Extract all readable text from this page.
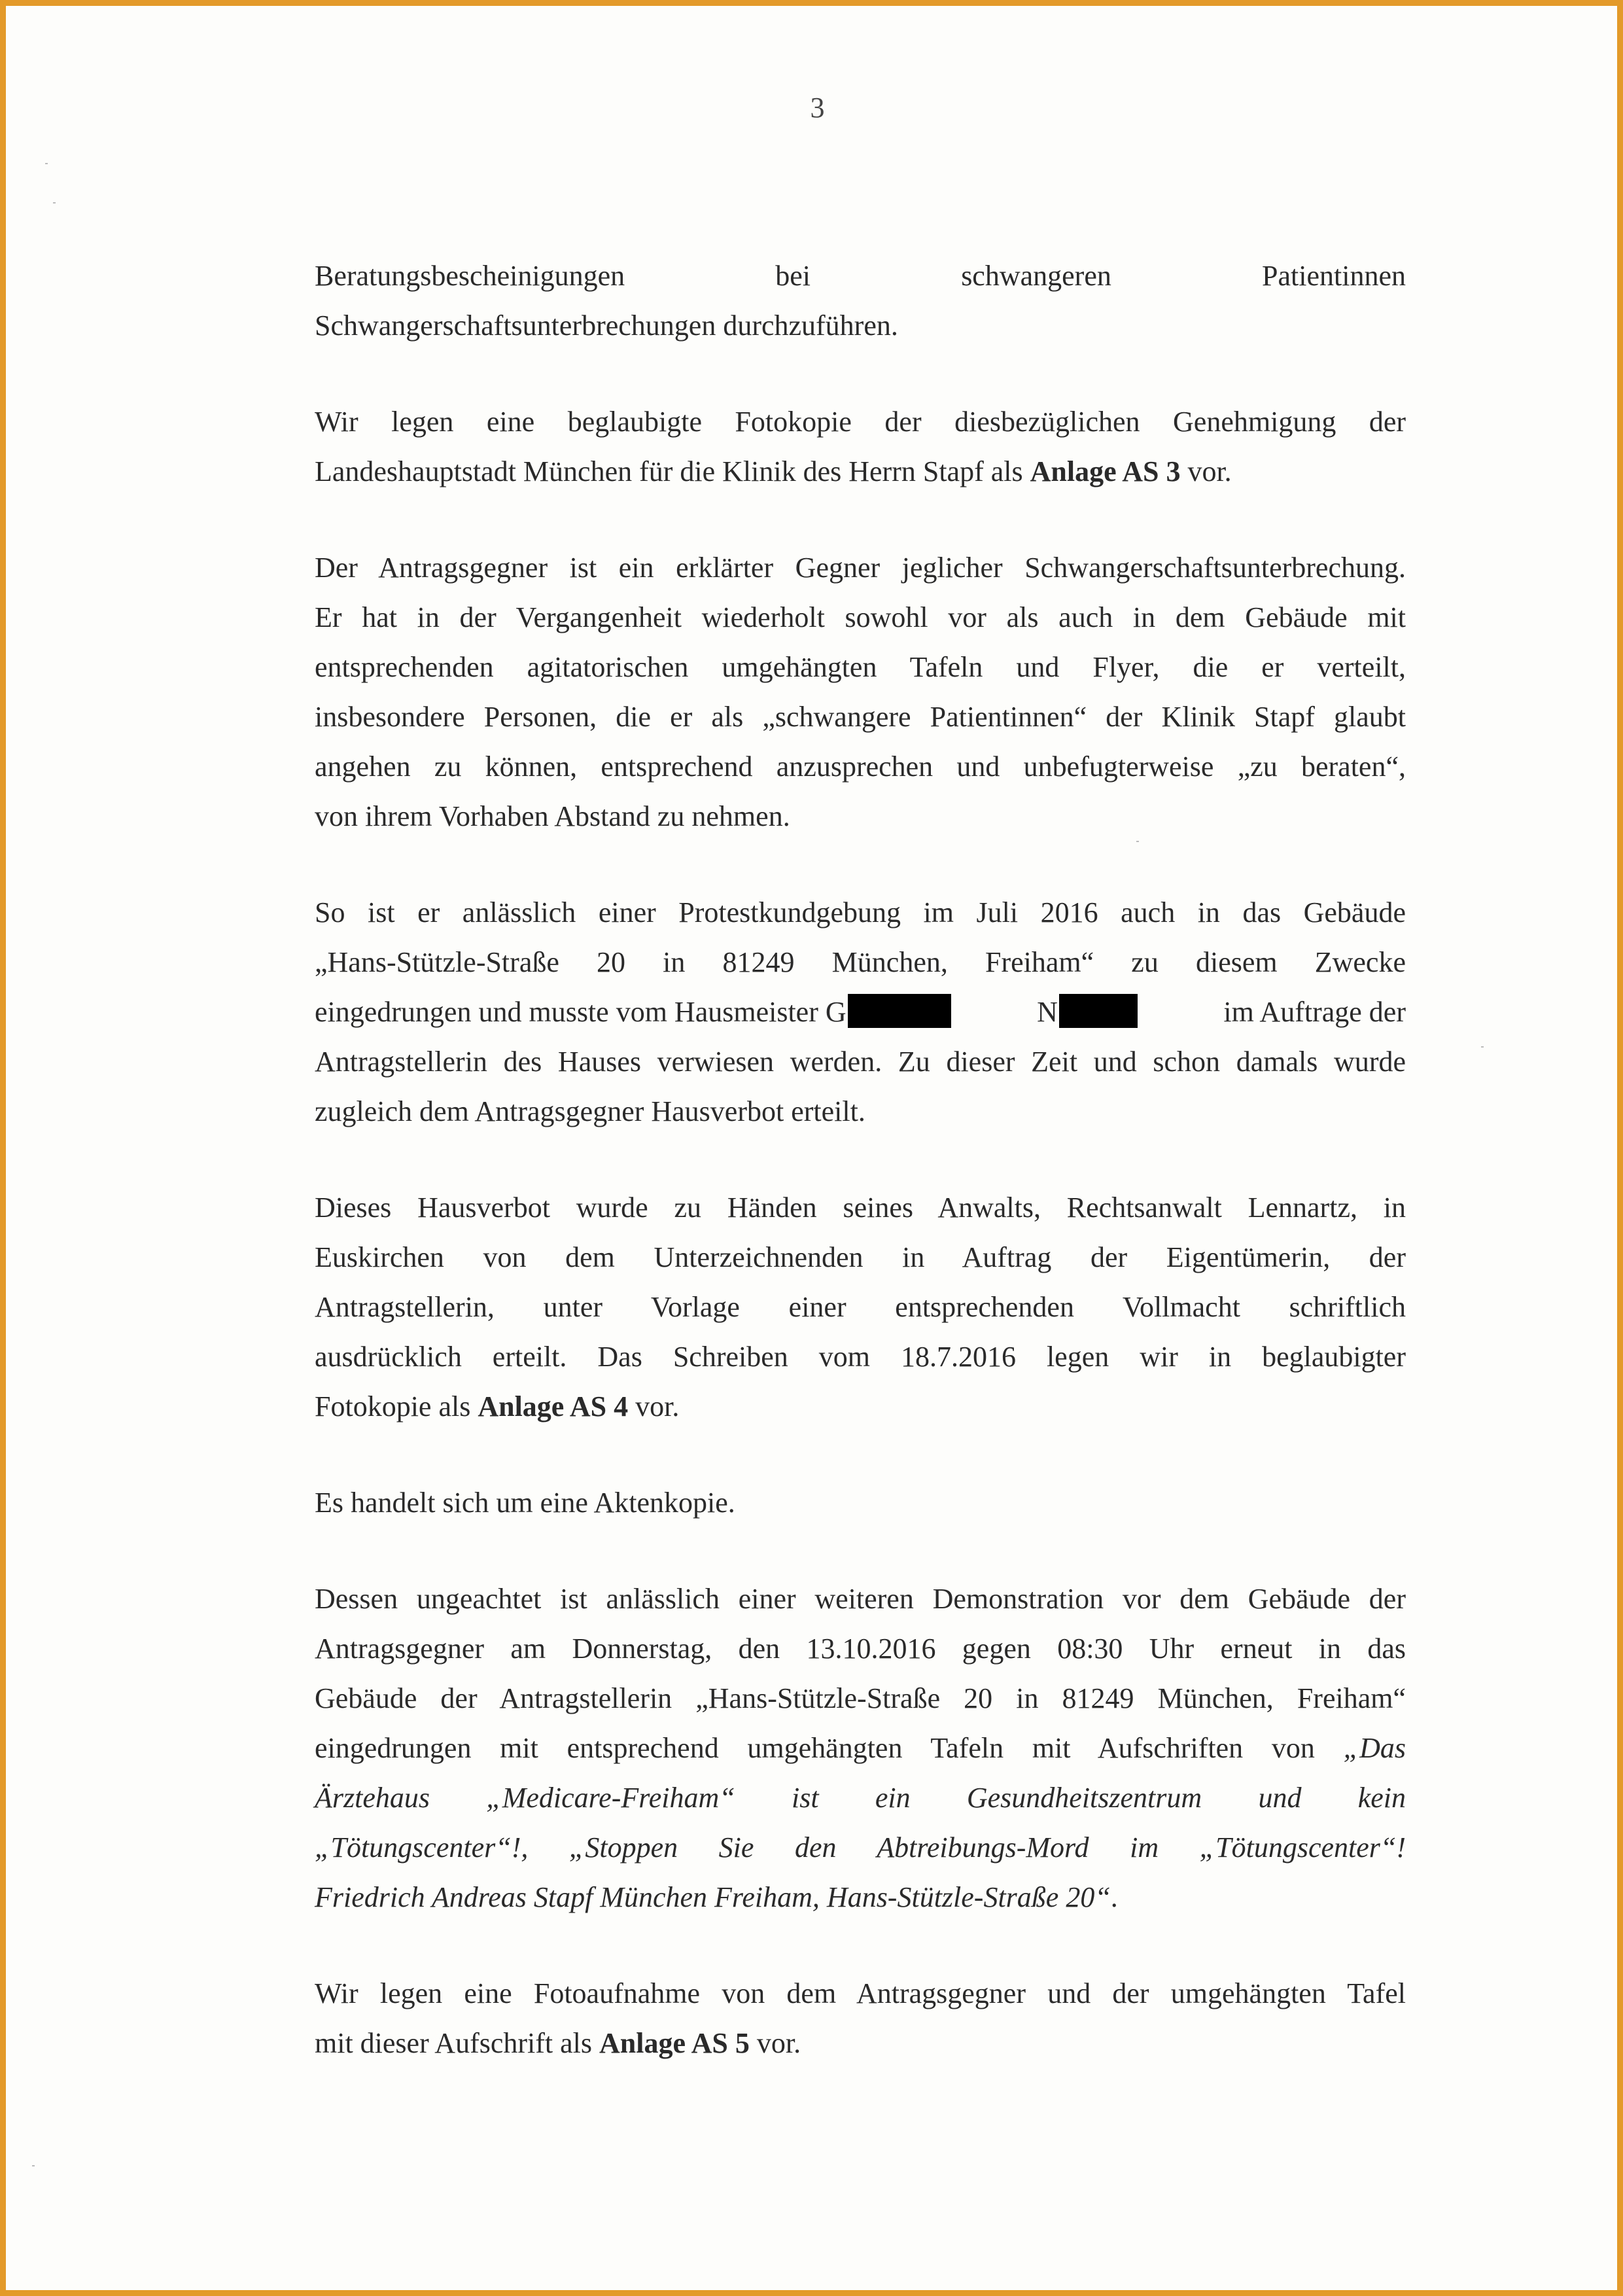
3
Beratungsbescheinigungen	bei	schwangeren	Patientinnen
Schwangerschaftsunterbrechungen durchzuführen.
Wir legen eine beglaubigte Fotokopie der diesbezüglichen Genehmigung der
Landeshauptstadt München für die Klinik des Herrn Stapf als Anlage AS 3 vor.
Der Antragsgegner ist ein erklärter Gegner jeglicher Schwangerschaftsunterbrechung.
Er hat in der Vergangenheit wiederholt sowohl vor als auch in dem Gebäude mit
entsprechenden agitatorischen umgehängten Tafeln und Flyer, die er verteilt,
insbesondere Personen, die er als „schwangere Patientinnen“ der Klinik Stapf glaubt
angehen zu können, entsprechend anzusprechen und unbefugterweise „zu beraten“,
von ihrem Vorhaben Abstand zu nehmen.
So ist er anlässlich einer Protestkundgebung im Juli 2016 auch in das Gebäude
„Hans-Stützle-Straße 20 in 81249 München, Freiham“ zu diesem Zwecke
eingedrungen und musste vom Hausmeister G	N	im Auftrage der
Antragstellerin des Hauses verwiesen werden. Zu dieser Zeit und schon damals wurde
zugleich dem Antragsgegner Hausverbot erteilt.
Dieses Hausverbot wurde zu Händen seines Anwalts, Rechtsanwalt Lennartz, in
Euskirchen von dem Unterzeichnenden in Auftrag der Eigentümerin, der
Antragstellerin, unter Vorlage einer entsprechenden Vollmacht schriftlich
ausdrücklich erteilt. Das Schreiben vom 18.7.2016 legen wir in beglaubigter
Fotokopie als Anlage AS 4 vor.
Es handelt sich um eine Aktenkopie.
Dessen ungeachtet ist anlässlich einer weiteren Demonstration vor dem Gebäude der
Antragsgegner am Donnerstag, den 13.10.2016 gegen 08:30 Uhr erneut in das
Gebäude der Antragstellerin „Hans-Stützle-Straße 20 in 81249 München, Freiham“
eingedrungen mit entsprechend umgehängten Tafeln mit Aufschriften von „Das
Ärztehaus „Medicare-Freiham“ ist ein Gesundheitszentrum und kein
„Tötungscenter“!, „Stoppen Sie den Abtreibungs-Mord im „Tötungscenter“!
Friedrich Andreas Stapf München Freiham, Hans-Stützle-Straße 20“.
Wir legen eine Fotoaufnahme von dem Antragsgegner und der umgehängten Tafel
mit dieser Aufschrift als Anlage AS 5 vor.
